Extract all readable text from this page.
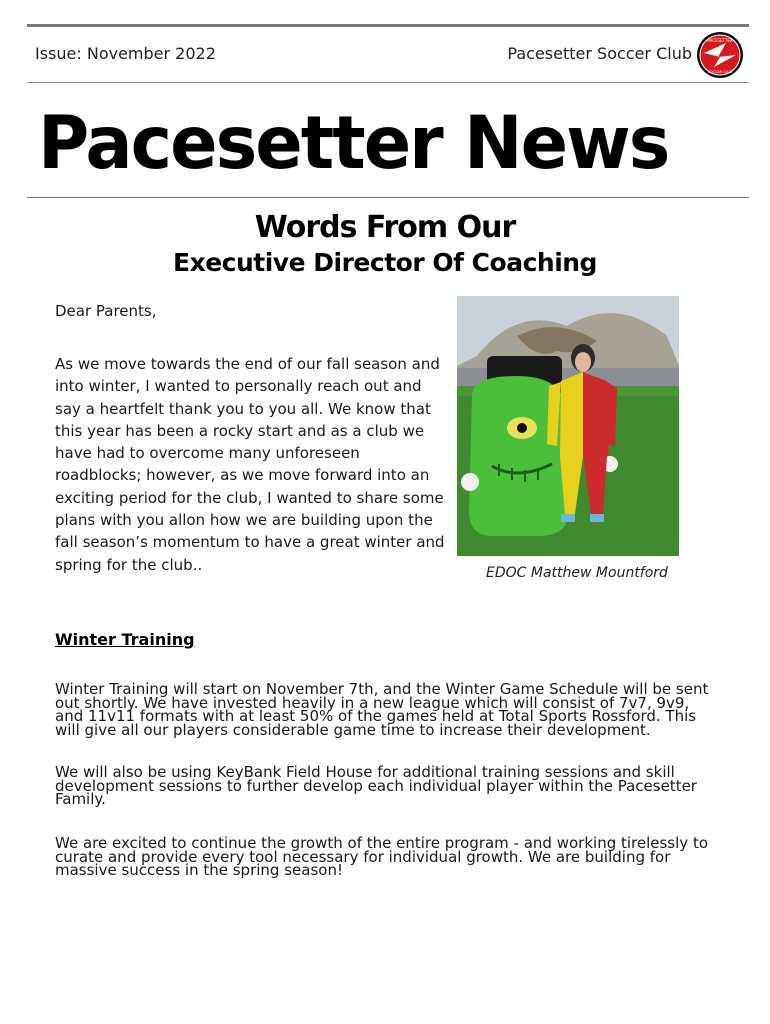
Issue: November 2022	Pacesetter Soccer Club
PACESETTER
SOCCER CLUB
Pacesetter News
Words From Our
Executive Director Of Coaching
Dear Parents,
As we move towards the end of our fall season and into winter, I wanted to personally reach out and say a heartfelt thank you to you all. We know that this year has been a rocky start and as a club we have had to overcome many unforeseen roadblocks; however, as we move forward into an exciting period for the club, I wanted to share some plans with you allon how we are building upon the fall season’s momentum to have a great winter and spring for the club..	EDOC Matthew Mountford
Winter Training
Winter Training will start on November 7th, and the Winter Game Schedule will be sent out shortly. We have invested heavily in a new league which will consist of 7v7, 9v9, and 11v11 formats with at least 50% of the games held at Total Sports Rossford. This will give all our players considerable game time to increase their development.
We will also be using KeyBank Field House for additional training sessions and skill development sessions to further develop each individual player within the Pacesetter Family.
We are excited to continue the growth of the entire program - and working tirelessly to curate and provide every tool necessary for individual growth. We are building for massive success in the spring season!
